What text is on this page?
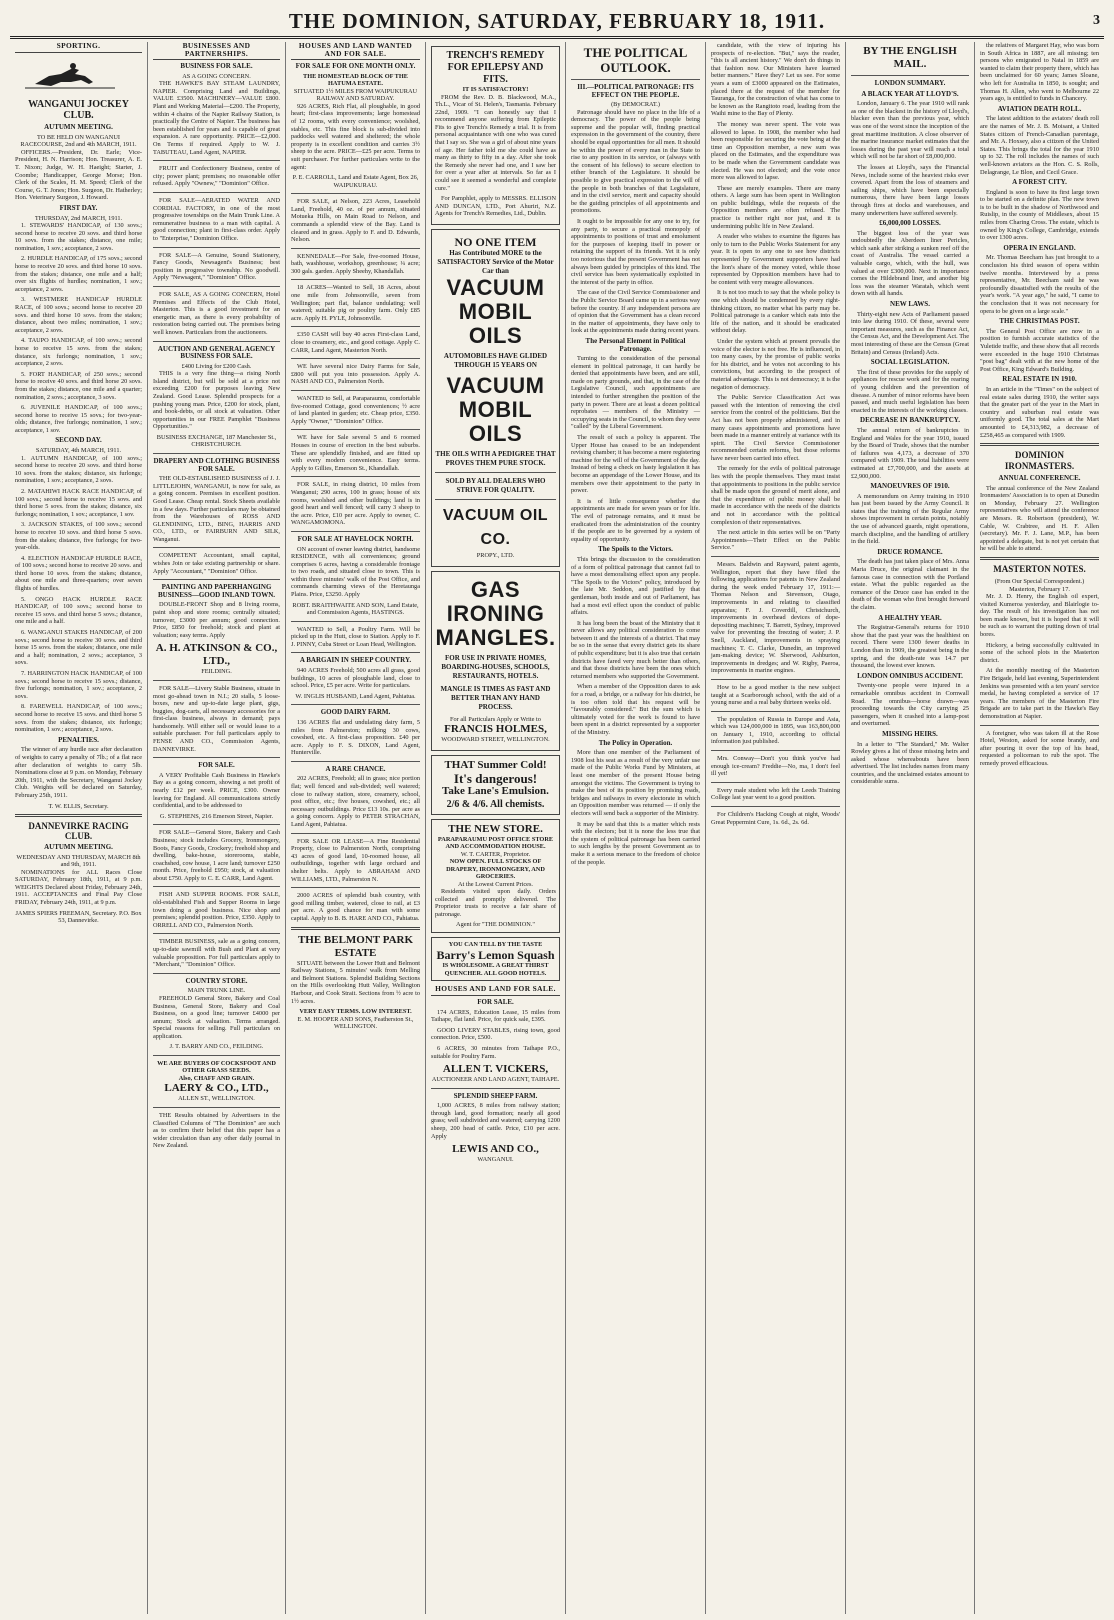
THE DOMINION, SATURDAY, FEBRUARY 18, 1911.	3
SPORTING.
WANGANUI JOCKEY CLUB.
AUTUMN MEETING.
TO BE HELD ON WANGANUI RACECOURSE, 2nd and 4th MARCH, 1911.

OFFICERS.—President, Dr. Earle; Vice-President, H. N. Harrison; Hon. Treasurer, A. E. T. Nixon; Judge, W. H. Haeight; Starter, J. Coombe; Handicapper, George Morse; Hon. Clerk of the Scales, H. M. Speed; Clerk of the Course, G. T. Jones; Hon. Surgeon, Dr. Hatherley; Hon. Veterinary Surgeon, J. Howard.

FIRST DAY.
THURSDAY, 2nd MARCH, 1911.

1. STEWARDS' HANDICAP, of 130 sovs.; second horse to receive 20 sovs. and third horse 10 sovs. from the stakes; distance, one mile; nomination, 1 sov.; acceptance, 2 sovs.

2. HURDLE HANDICAP, of 175 sovs.; second horse to receive 20 sovs. and third horse 10 sovs. from the stakes; distance, one mile and a half; over six flights of hurdles; nomination, 1 sov.; acceptance, 2 sovs.

3. WESTMERE HANDICAP HURDLE RACE, of 100 sovs.; second horse to receive 20 sovs. and third horse 10 sovs. from the stakes; distance, about two miles; nomination, 1 sov.; acceptance, 2 sovs.

4. TAUPO HANDICAP, of 100 sovs.; second horse to receive 15 sovs. from the stakes; distance, six furlongs; nomination, 1 sov.; acceptance, 2 sovs.

5. FORT HANDICAP, of 250 sovs.; second horse to receive 40 sovs. and third horse 20 sovs. from the stakes; distance, one mile and a quarter; nomination, 2 sovs.; acceptance, 3 sovs.

6. JUVENILE HANDICAP, of 100 sovs.; second horse to receive 15 sovs.; for two-year-olds; distance, five furlongs; nomination, 1 sov.; acceptance, 1 sov.

SECOND DAY.
SATURDAY, 4th MARCH, 1911.

1. AUTUMN HANDICAP, of 100 sovs.; second horse to receive 20 sovs. and third horse 10 sovs. from the stakes; distance, six furlongs; nomination, 1 sov.; acceptance, 2 sovs.

2. MATAHIWI HACK RACE HANDICAP, of 100 sovs.; second horse to receive 15 sovs. and third horse 5 sovs. from the stakes; distance, six furlongs; nomination, 1 sov.; acceptance, 1 sov.

3. JACKSON STAKES, of 100 sovs.; second horse to receive 10 sovs. and third horse 5 sovs. from the stakes; distance, five furlongs; for two-year-olds.

4. ELECTION HANDICAP HURDLE RACE, of 100 sovs.; second horse to receive 20 sovs. and third horse 10 sovs. from the stakes; distance, about one mile and three-quarters; over seven flights of hurdles.

5. ONGO HACK HURDLE RACE HANDICAP, of 100 sovs.; second horse to receive 15 sovs. and third horse 5 sovs.; distance, one mile and a half.

6. WANGANUI STAKES HANDICAP, of 200 sovs.; second horse to receive 30 sovs. and third horse 15 sovs. from the stakes; distance, one mile and a half; nomination, 2 sovs.; acceptance, 3 sovs.

7. HARRINGTON HACK HANDICAP, of 100 sovs.; second horse to receive 15 sovs.; distance, five furlongs; nomination, 1 sov.; acceptance, 2 sovs.

8. FAREWELL HANDICAP, of 100 sovs.; second horse to receive 15 sovs. and third horse 5 sovs. from the stakes; distance, six furlongs; nomination, 1 sov.; acceptance, 2 sovs.

PENALTIES.

The winner of any hurdle race after declaration of weights to carry a penalty of 7lb.; of a flat race after declaration of weights to carry 5lb. Nominations close at 9 p.m. on Monday, February 20th, 1911, with the Secretary, Wanganui Jockey Club. Weights will be declared on Saturday, February 25th, 1911.

T. W. ELLIS, Secretary.
DANNEVIRKE RACING CLUB.
AUTUMN MEETING.
WEDNESDAY AND THURSDAY, MARCH 8th and 9th, 1911.

NOMINATIONS for ALL Races Close SATURDAY, February 18th, 1911, at 9 p.m. WEIGHTS Declared about Friday, February 24th, 1911. ACCEPTANCES and Final Pay Close FRIDAY, February 24th, 1911, at 9 p.m.

JAMES SPIERS FREEMAN, Secretary. P.O. Box 53, Dannevirke.
BUSINESSES AND PARTNERSHIPS.
BUSINESS FOR SALE.
AS A GOING CONCERN.

THE HAWKE'S BAY STEAM LAUNDRY, NAPIER. Comprising Land and Buildings, VALUE £3500. MACHINERY—VALUE £800. Plant and Working Material—£200. The Property, within 4 chains of the Napier Railway Station, is practically the Centre of Napier. The business has been established for years and is capable of great expansion. A rare opportunity. PRICE—£2,000. On Terms if required. Apply to W. J. TABUTEAU, Land Agent, NAPIER.

FRUIT and Confectionery Business, centre of city; power plant; premises; no reasonable offer refused. Apply "Ownew," "Dominion" Office.

FOR SALE—AERATED WATER AND CORDIAL FACTORY, in one of the most progressive townships on the Main Trunk Line. A remunerative business to a man with capital. A good connection; plant in first-class order. Apply to "Enterprise," Dominion Office.

FOR SALE—A Genuine, Sound Stationery, Fancy Goods, Newsagent's Business; best position in progressive township. No goodwill. Apply "Newsagent," "Dominion" Office.

FOR SALE, AS A GOING CONCERN, Hotel Premises and Effects of the Club Hotel, Masterton. This is a good investment for an energetic man, as there is every probability of restoration being carried out. The premises being well known. Particulars from the auctioneers.

AUCTION AND GENERAL AGENCY BUSINESS FOR SALE.
£400 Living for £200 Cash.

THIS is a very fine thing—a rising North Island district, but will be sold at a price not exceeding £200 for purposes leaving New Zealand. Good Lease. Splendid prospects for a pushing young man. Price, £200 for stock, plant, and book-debts, or all stock at valuation. Other opportunities in our FREE Pamphlet "Business Opportunities."

BUSINESS EXCHANGE, 187 Manchester St., CHRISTCHURCH.
DRAPERY AND CLOTHING BUSINESS FOR SALE.

THE OLD-ESTABLISHED BUSINESS of J. J. LITTLEJOHN, WANGANUI, is now for sale, as a going concern. Premises in excellent position. Good Lease. Cheap rental. Stock Sheets available in a few days. Further particulars may be obtained from the Warehouses of ROSS AND GLENDINING, LTD., BING, HARRIS AND CO., LTD., or FAIRBURN AND SILK, Wanganui.

COMPETENT Accountant, small capital, wishes Join or take existing partnership or share. Apply "Accountant," "Dominion" Office.

PAINTING AND PAPERHANGING BUSINESS—GOOD INLAND TOWN.

DOUBLE-FRONT Shop and 8 living rooms, paint shop and store rooms; centrally situated; turnover, £3000 per annum; good connection. Price, £850 for freehold; stock and plant at valuation; easy terms. Apply

A. H. ATKINSON & CO., LTD.,
FEILDING.

FOR SALE—Livery Stable Business, situate in most go-ahead town in N.I.; 20 stalls, 5 loose-boxes, new and up-to-date large plant, gigs, buggies, dog-carts, all necessary accessories for a first-class business, always in demand; pays handsomely. Will either sell or would lease to a suitable purchaser. For full particulars apply to FENSE AND CO., Commission Agents, DANNEVIRKE.

FOR SALE.

A VERY Profitable Cash Business in Hawke's Bay as a going concern, showing a net profit of nearly £12 per week. PRICE, £300. Owner leaving for England. All communications strictly confidential, and to be addressed to

G. STEPHENS, 216 Emerson Street, Napier.

FOR SALE—General Store, Bakery and Cash Business; stock includes Grocery, Ironmongery, Boots, Fancy Goods, Crockery; freehold shop and dwelling, bake-house, storerooms, stable, coachshed, cow house, 1 acre land; turnover £250 month. Price, freehold £950; stock, at valuation about £750. Apply to C. E. CARR, Land Agent.

FISH AND SUPPER ROOMS. FOR SALE, old-established Fish and Supper Rooms in large town doing a good business. Nice shop and premises; splendid position. Price, £350. Apply to ORRELL AND CO., Palmerston North.

TIMBER BUSINESS, sale as a going concern, up-to-date sawmill with Bush and Plant at very valuable proposition. For full particulars apply to "Merchant," "Dominion" Office.

COUNTRY STORE.
MAIN TRUNK LINE.

FREEHOLD General Store, Bakery and Coal Business, General Store, Bakery and Coal Business, on a good line; turnover £4000 per annum; Stock at valuation. Terms arranged. Special reasons for selling. Full particulars on application.

J. T. BARRY AND CO., FEILDING.
WE ARE BUYERS OF COCKSFOOT AND OTHER GRASS SEEDS.
Also, CHAFF AND GRAIN.
LAERY & CO., LTD.,
ALLEN ST., WELLINGTON.

THE Results obtained by Advertisers in the Classified Columns of "The Dominion" are such as to confirm their belief that this paper has a wider circulation than any other daily journal in New Zealand.

HOUSES AND LAND WANTED AND FOR SALE.
FOR SALE FOR ONE MONTH ONLY.
THE HOMESTEAD BLOCK OF THE HATUMA ESTATE.
SITUATED 1½ MILES FROM WAIPUKURAU RAILWAY AND SATURDAY.

926 ACRES, Rich Flat, all ploughable, in good heart; first-class improvements; large homestead of 12 rooms, with every convenience; woolshed, stables, etc. This fine block is sub-divided into paddocks well watered and sheltered; the whole property is in excellent condition and carries 3½ sheep to the acre. PRICE—£25 per acre. Terms to suit purchaser. For further particulars write to the agent:

P. E. CARROLL, Land and Estate Agent, Box 26, WAIPUKURAU.

FOR SALE, at Nelson, 223 Acres, Leasehold Land, Freehold, 40 oz. of per annum, situated Motueka Hills, on Main Road to Nelson, and commands a splendid view of the Bay. Land is cleared and in grass. Apply to F. and D. Edwards, Nelson.

KENNEDALE—For Sale, five-roomed House, bath, washhouse, workshop, greenhouse; ¼ acre; 300 gals. garden. Apply Sheehy, Khandallah.

18 ACRES—Wanted to Sell, 18 Acres, about one mile from Johnsonville, seven from Wellington; part flat, balance undulating; well watered; suitable pig or poultry farm. Only £85 acre. Apply H. PYLE, Johnsonville.

£350 CASH will buy 40 acres First-class Land, close to creamery, etc., and good cottage. Apply C. CARR, Land Agent, Masterton North.

WE have several nice Dairy Farms for Sale, £800 will put you into possession. Apply A. NASH AND CO., Palmerston North.

WANTED to Sell, at Paraparaumu, comfortable five-roomed Cottage, good conveniences; ½ acre of land planted in garden; etc. Cheap price, £350. Apply "Owner," "Dominion" Office.

WE have for Sale several 5 and 6 roomed Houses in course of erection in the best suburbs. These are splendidly finished, and are fitted up with every modern convenience. Easy terms. Apply to Gillies, Emerson St., Khandallah.

FOR SALE, in rising district, 10 miles from Wanganui; 290 acres, 100 in grass; house of six rooms, woolshed and other buildings; land is in good heart and well fenced; will carry 3 sheep to the acre. Price, £10 per acre. Apply to owner, C. WANGAMOMONA.

FOR SALE AT HAVELOCK NORTH.

ON account of owner leaving district, handsome RESIDENCE, with all conveniences; ground comprises 6 acres, having a considerable frontage to two roads, and situated close to town. This is within three minutes' walk of the Post Office, and commands charming views of the Heretaunga Plains. Price, £3250. Apply

ROBT. BRAITHWAITE AND SON, Land Estate, and Commission Agents, HASTINGS.

WANTED to Sell, a Poultry Farm. Will be picked up in the Hutt, close to Station. Apply to F. J. PINNY, Cuba Street or Loan Head, Wellington.

A BARGAIN IN SHEEP COUNTRY.

940 ACRES Freehold; 500 acres all grass, good buildings, 10 acres of ploughable land, close to school. Price, £5 per acre. Write for particulars.

W. INGLIS HUSBAND, Land Agent, Pahiatua.
GOOD DAIRY FARM.

136 ACRES flat and undulating dairy farm, 5 miles from Palmerston; milking 30 cows, cowshed, etc. A first-class proposition. £40 per acre. Apply to F. S. DIXON, Land Agent, Hunterville.

A RARE CHANCE.

202 ACRES, Freehold; all in grass; nice portion flat; well fenced and sub-divided; well watered; close to railway station, store, creamery, school, post office, etc.; five houses, cowshed, etc.; all necessary outbuildings. Price £13 10s. per acre as a going concern. Apply to PETER STRACHAN, Land Agent, Pahiatua.

FOR SALE OR LEASE—A Fine Residential Property, close to Palmerston North, comprising 43 acres of good land, 10-roomed house, all outbuildings, together with large orchard and shelter belts. Apply to ABRAHAM AND WILLIAMS, LTD., Palmerston N.

2000 ACRES of splendid bush country, with good milling timber, watered, close to rail, at £3 per acre. A good chance for man with some capital. Apply to B. B. HARE AND CO., Pahiatua.

THE BELMONT PARK ESTATE

SITUATE between the Lower Hutt and Belmont Railway Stations, 5 minutes' walk from Melling and Belmont Stations. Splendid Building Sections on the Hills overlooking Hutt Valley, Wellington Harbour, and Cook Strait. Sections from ½ acre to 1½ acres.

VERY EASY TERMS. LOW INTEREST.
E. M. HOOPER AND SONS, Featherston St., WELLINGTON.
TRENCH'S REMEDY FOR EPILEPSY AND FITS.
IT IS SATISFACTORY!

FROM the Rev. D. B. Blackwood, M.A., Th.L., Vicar of St. Helen's, Tasmania. February 22nd, 1909. "I can honestly say that I recommend anyone suffering from Epileptic Fits to give Trench's Remedy a trial. It is from personal acquaintance with one who was cured that I say so. She was a girl of about nine years of age. Her father told me she could have as many as thirty to fifty in a day. After she took the Remedy she never had one, and I saw her for over a year after at intervals. So far as I could see it seemed a wonderful and complete cure."

For Pamphlet, apply to MESSRS. ELLISON AND DUNCAN, LTD., Port Ahuriri, N.Z. Agents for Trench's Remedies, Ltd., Dublin.

NO ONE ITEM
Has Contributed MORE to the SATISFACTORY Service of the Motor Car than
VACUUM
MOBIL OILS
AUTOMOBILES HAVE GLIDED THROUGH 15 YEARS ON
VACUUM
MOBIL OILS
THE OILS WITH A PEDIGREE THAT PROVES THEM PURE STOCK.
SOLD BY ALL DEALERS WHO STRIVE FOR QUALITY.
VACUUM OIL CO.
PROPY., LTD.
GAS
IRONING
MANGLES.
FOR USE IN PRIVATE HOMES, BOARDING-HOUSES, SCHOOLS, RESTAURANTS, HOTELS.
MANGLE IS TIMES AS FAST AND BETTER THAN ANY HAND PROCESS.
For all Particulars Apply or Write to
FRANCIS HOLMES,
WOODWARD STREET, WELLINGTON.
THAT Summer Cold!
It's dangerous!
Take Lane's Emulsion.
2/6 & 4/6. All chemists.
THE NEW STORE.
PARAPARAUMU POST OFFICE STORE AND ACCOMMODATION HOUSE.
W. T. CARTER, Proprietor.
NOW OPEN. FULL STOCKS OF DRAPERY, IRONMONGERY, AND GROCERIES.
At the Lowest Current Prices.

Residents visited upon daily. Orders collected and promptly delivered. The Proprietor trusts to receive a fair share of patronage.

Agent for "THE DOMINION."
YOU CAN TELL BY THE TASTE
Barry's Lemon Squash
IS WHOLESOME. A GREAT THIRST QUENCHER. ALL GOOD HOTELS.
HOUSES AND LAND FOR SALE.
FOR SALE.

174 ACRES, Education Lease, 15 miles from Taihape, flat land. Price, for quick sale, £395.

GOOD LIVERY STABLES, rising town, good connection. Price, £500.

6 ACRES, 30 minutes from Taihape P.O., suitable for Poultry Farm.

ALLEN T. VICKERS,
AUCTIONEER AND LAND AGENT, TAIHAPE.
SPLENDID SHEEP FARM.

1,000 ACRES, 8 miles from railway station; through land, good formation; nearly all good grass; well subdivided and watered; carrying 1200 sheep, 200 head of cattle. Price, £10 per acre. Apply

LEWIS AND CO.,
WANGANUI.
THE POLITICAL OUTLOOK.
III.—POLITICAL PATRONAGE: ITS EFFECT ON THE PEOPLE.
(By DEMOCRAT.)

Patronage should have no place in the life of a democracy. The power of the people being supreme and the popular will, finding practical expression in the government of the country, there should be equal opportunities for all men. It should be within the power of every man in the State to rise to any position in its service, or (always with the consent of his fellows) to secure election to either branch of the Legislature. It should be possible to give practical expression to the will of the people in both branches of that Legislature, and in the civil service, merit and capacity should be the guiding principles of all appointments and promotions.

It ought to be impossible for any one to try, for any party, to secure a practical monopoly of appointments to positions of trust and emolument for the purposes of keeping itself in power or retaining the support of its friends. Yet it is only too notorious that the present Government has not always been guided by principles of this kind. The civil service has been systematically exploited in the interest of the party in office.

The case of the Civil Service Commissioner and the Public Service Board came up in a serious way before the country. If any independent persons are of opinion that the Government has a clean record in the matter of appointments, they have only to look at the appointments made during recent years.

The Personal Element in Political Patronage.

Turning to the consideration of the personal element in political patronage, it can hardly be denied that appointments have been, and are still, made on party grounds, and that, in the case of the Legislative Council, such appointments are intended to further strengthen the position of the party in power. There are at least a dozen political reprobates — members of the Ministry — occupying seats in the Council, to whom they were "called" by the Liberal Government.

The result of such a policy is apparent. The Upper House has ceased to be an independent revising chamber; it has become a mere registering machine for the will of the Government of the day. Instead of being a check on hasty legislation it has become an appendage of the Lower House, and its members owe their appointment to the party in power.

It is of little consequence whether the appointments are made for seven years or for life. The evil of patronage remains, and it must be eradicated from the administration of the country if the people are to be governed by a system of equality of opportunity.

The Spoils to the Victors.

This brings the discussion to the consideration of a form of political patronage that cannot fail to have a most demoralising effect upon any people. "The Spoils to the Victors" policy, introduced by the late Mr. Seddon, and justified by that gentleman, both inside and out of Parliament, has had a most evil effect upon the conduct of public affairs.

It has long been the boast of the Ministry that it never allows any political consideration to come between it and the interests of a district. That may be so in the sense that every district gets its share of public expenditure; but it is also true that certain districts have fared very much better than others, and that those districts have been the ones which returned members who supported the Government.

When a member of the Opposition dares to ask for a road, a bridge, or a railway for his district, he is too often told that his request will be "favourably considered." But the sum which is ultimately voted for the work is found to have been spent in a district represented by a supporter of the Ministry.

The Policy in Operation.

More than one member of the Parliament of 1908 lost his seat as a result of the very unfair use made of the Public Works Fund by Ministers, at least one member of the present House being amongst the victims. The Government is trying to make the best of its position by promising roads, bridges and railways in every electorate in which an Opposition member was returned — if only the electors will send back a supporter of the Ministry.

It may be said that this is a matter which rests with the electors; but it is none the less true that the system of political patronage has been carried to such lengths by the present Government as to make it a serious menace to the freedom of choice of the people.

candidate, with the view of injuring his prospects of re-election. "But," says the reader, "this is all ancient history." We don't do things in that fashion now. Our Ministers have learned better manners." Have they? Let us see. For some years a sum of £3000 appeared on the Estimates, placed there at the request of the member for Tauranga, for the construction of what has come to be known as the Rangitoto road, leading from the Waihi mine to the Bay of Plenty.

The money was never spent. The vote was allowed to lapse. In 1908, the member who had been responsible for securing the vote being at the time an Opposition member, a new sum was placed on the Estimates, and the expenditure was to be made when the Government candidate was elected. He was not elected; and the vote once more was allowed to lapse.

These are merely examples. There are many others. A large sum has been spent in Wellington on public buildings, while the requests of the Opposition members are often refused. The practice is neither right nor just, and it is undermining public life in New Zealand.

A reader who wishes to examine the figures has only to turn to the Public Works Statement for any year. It is open to any one to see how districts represented by Government supporters have had the lion's share of the money voted, while those represented by Opposition members have had to be content with very meagre allowances.

It is not too much to say that the whole policy is one which should be condemned by every right-thinking citizen, no matter what his party may be. Political patronage is a canker which eats into the life of the nation, and it should be eradicated without delay.

Under the system which at present prevails the voice of the elector is not free. He is influenced, in too many cases, by the promise of public works for his district, and he votes not according to his convictions, but according to the prospect of material advantage. This is not democracy; it is the negation of democracy.

The Public Service Classification Act was passed with the intention of removing the civil service from the control of the politicians. But the Act has not been properly administered, and in many cases appointments and promotions have been made in a manner entirely at variance with its spirit. The Civil Service Commissioner recommended certain reforms, but those reforms have never been carried into effect.

The remedy for the evils of political patronage lies with the people themselves. They must insist that appointments to positions in the public service shall be made upon the ground of merit alone, and that the expenditure of public money shall be made in accordance with the needs of the districts and not in accordance with the political complexion of their representatives.

The next article in this series will be on "Party Appointments—Their Effect on the Public Service."

Messrs. Baldwin and Rayward, patent agents, Wellington, report that they have filed the following applications for patents in New Zealand during the week ended February 17, 1911:—Thomas Nelson and Stevenson, Otago, improvements in and relating to classified apparatus; F. J. Coverdill, Christchurch, improvements in overhead devices of dope-depositing machines; T. Barrett, Sydney, improved valve for preventing the freezing of water; J. P. Snell, Auckland, improvements in spraying machines; T. C. Clarke, Dunedin, an improved jam-making device; W. Sherwood, Ashburton, improvements in dredges; and W. Rigby, Paeroa, improvements in marine engines.

How to be a good mother is the new subject taught at a Scarborough school, with the aid of a young nurse and a real baby thirteen weeks old.

The population of Russia in Europe and Asia, which was 124,000,000 in 1895, was 163,800,000 on January 1, 1910, according to official information just published.

Mrs. Conway—Don't you think you've had enough ice-cream? Freddie—No, ma, I don't feel ill yet!

Every male student who left the Leeds Training College last year went to a good position.

For Children's Hacking Cough at night, Woods' Great Peppermint Cure, 1s. 6d., 2s. 6d.

BY THE ENGLISH MAIL.
LONDON SUMMARY.
A BLACK YEAR AT LLOYD'S.

London, January 6. The year 1910 will rank as one of the blackest in the history of Lloyd's, blacker even than the previous year, which was one of the worst since the inception of the great maritime institution. A close observer of the marine insurance market estimates that the losses during the past year will reach a total which will not be far short of £8,000,000.

The losses at Lloyd's, says the Financial News, include some of the heaviest risks ever covered. Apart from the loss of steamers and sailing ships, which have been especially numerous, there have been large losses through fires at docks and warehouses, and many underwriters have suffered severely.

£6,000,000 LOSSES.

The biggest loss of the year was undoubtedly the Aberdeen liner Pericles, which sank after striking a sunken reef off the coast of Australia. The vessel carried a valuable cargo, which, with the hull, was valued at over £300,000. Next in importance comes the Hildebrand liner, and another big loss was the steamer Waratah, which went down with all hands.

NEW LAWS.

Thirty-eight new Acts of Parliament passed into law during 1910. Of these, several were important measures, such as the Finance Act, the Census Act, and the Development Act. The most interesting of these are the Census (Great Britain) and Census (Ireland) Acts.

SOCIAL LEGISLATION.

The first of these provides for the supply of appliances for rescue work and for the rearing of young children and the prevention of disease. A number of minor reforms have been passed, and much useful legislation has been enacted in the interests of the working classes.

DECREASE IN BANKRUPTCY.

The annual return of bankruptcies in England and Wales for the year 1910, issued by the Board of Trade, shows that the number of failures was 4,173, a decrease of 370 compared with 1909. The total liabilities were estimated at £7,700,000, and the assets at £2,900,000.

MANOEUVRES OF 1910.

A memorandum on Army training in 1910 has just been issued by the Army Council. It states that the training of the Regular Army shows improvement in certain points, notably the use of advanced guards, night operations, march discipline, and the handling of artillery in the field.

DRUCE ROMANCE.

The death has just taken place of Mrs. Anna Maria Druce, the original claimant in the famous case in connection with the Portland estate. What the public regarded as the romance of the Druce case has ended in the death of the woman who first brought forward the claim.

A HEALTHY YEAR.

The Registrar-General's returns for 1910 show that the past year was the healthiest on record. There were 1300 fewer deaths in London than in 1909, the greatest being in the spring, and the death-rate was 14.7 per thousand, the lowest ever known.

LONDON OMNIBUS ACCIDENT.

Twenty-one people were injured in a remarkable omnibus accident in Cornwall Road. The omnibus—horse drawn—was proceeding towards the City carrying 25 passengers, when it crashed into a lamp-post and overturned.

MISSING HEIRS.

In a letter to "The Standard," Mr. Walter Rowley gives a list of those missing heirs and asked whose whereabouts have been advertised. The list includes names from many countries, and the unclaimed estates amount to considerable sums.

the relatives of Margaret Hay, who was born in South Africa in 1887, are all missing; ten persons who emigrated to Natal in 1859 are wanted to claim their property there, which has been unclaimed for 60 years; James Sloane, who left for Australia in 1850, is sought; and Thomas H. Allen, who went to Melbourne 22 years ago, is entitled to funds in Chancery.

AVIATION DEATH ROLL.

The latest addition to the aviators' death roll are the names of Mr. J. B. Moisant, a United States citizen of French-Canadian parentage, and Mr. A. Hoxsey, also a citizen of the United States. This brings the total for the year 1910 up to 32. The roll includes the names of such well-known aviators as the Hon. C. S. Rolls, Delagrange, Le Blon, and Cecil Grace.

A FOREST CITY.

England is soon to have its first large town to be started on a definite plan. The new town is to be built in the shadow of Northwood and Ruislip, in the county of Middlesex, about 15 miles from Charing Cross. The estate, which is owned by King's College, Cambridge, extends to over 1300 acres.

OPERA IN ENGLAND.

Mr. Thomas Beecham has just brought to a conclusion his third season of opera within twelve months. Interviewed by a press representative, Mr. Beecham said he was profoundly dissatisfied with the results of the year's work. "A year ago," he said, "I came to the conclusion that it was not necessary for opera to be given on a large scale."

THE CHRISTMAS POST.

The General Post Office are now in a position to furnish accurate statistics of the Yuletide traffic, and these show that all records were exceeded in the huge 1910 Christmas "post bag" dealt with at the new home of the Post Office, King Edward's Building.

REAL ESTATE IN 1910.

In an article in the "Times" on the subject of real estate sales during 1910, the writer says that the greater part of the year in the Mart in country and suburban real estate was uniformly good. The total sales at the Mart amounted to £4,313,982, a decrease of £258,465 as compared with 1909.

DOMINION IRONMASTERS.
ANNUAL CONFERENCE.

The annual conference of the New Zealand Ironmasters' Association is to open at Dunedin on Monday, February 27. Wellington representatives who will attend the conference are Messrs. R. Robertson (president), W. Cable, W. Crabtree, and H. F. Allen (secretary). Mr. F. J. Lane, M.P., has been appointed a delegate, but is not yet certain that he will be able to attend.

MASTERTON NOTES.
(From Our Special Correspondent.)
Masterton, February 17.

Mr. J. D. Henry, the English oil expert, visited Kumeroa yesterday, and Blairlogie to-day. The result of his investigation has not been made known, but it is hoped that it will be such as to warrant the putting down of trial bores.

Hickory, a being successfully cultivated in some of the school plots in the Masterton district.

At the monthly meeting of the Masterton Fire Brigade, held last evening, Superintendent Jenkins was presented with a ten years' service medal, he having completed a service of 17 years. The members of the Masterton Fire Brigade are to take part in the Hawke's Bay demonstration at Napier.

A foreigner, who was taken ill at the Rose Hotel, Weston, asked for some brandy, and after pouring it over the top of his head, requested a policeman to rub the spot. The remedy proved efficacious.
